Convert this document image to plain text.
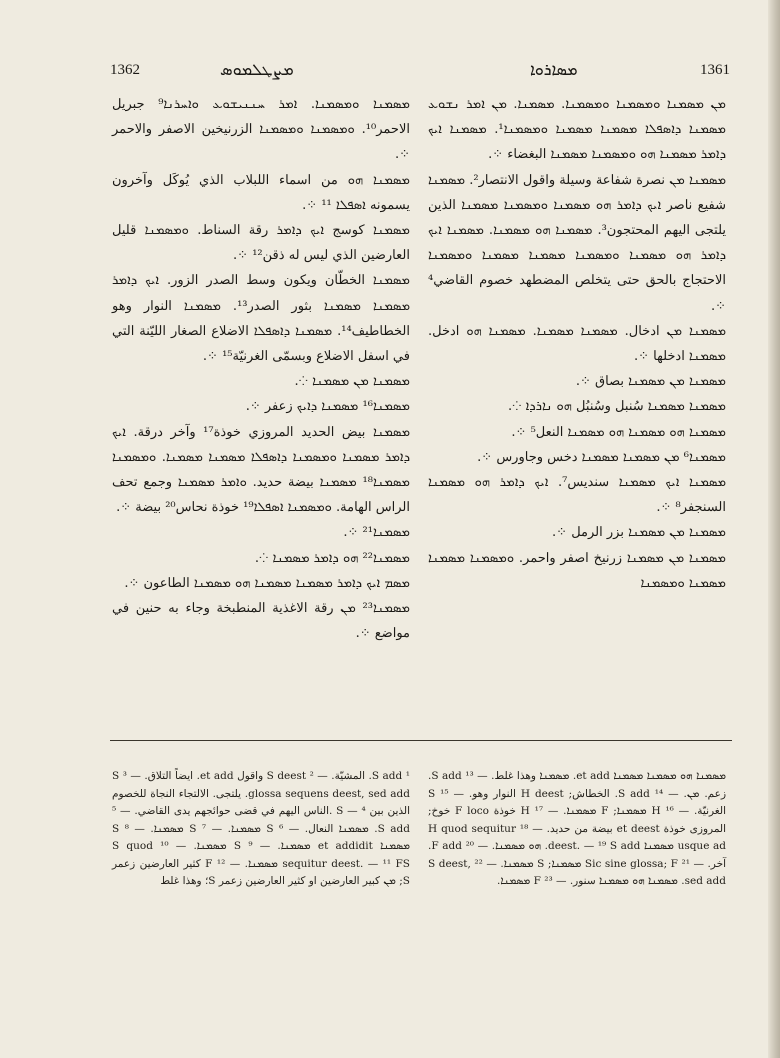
1362	ܡܨܛܠܡܘܣ	ܡܣܐܪܘܐ	1361

ܡܣܡܢܐ ܘܡܣܡܢܐ. ܐܡܪ ܚܢܢܝܫܘܥ ܘܐܚܪܢܐ⁹ جبريل الاحمر¹⁰. ܘܡܣܡܢܐ ܘܡܣܡܢܐ الزرنيخين الاصفر والاحمر ⁘.

ܡܣܡܢܐ ܗܘ من اسماء اللبلاب الذي يُوكَل وآخرون يسمونه ܐܣܦܠܐ ¹¹ ⁘.

ܡܣܡܢܐ كوسج ܐܝܟ ܕܐܡܪ رقة السناط. ܘܡܣܡܢܐ قليل العارضين الذي ليس له ذقن¹² ⁘.

ܡܣܡܢܐ الخطّان ويكون وسط الصدر الزور. ܐܝܟ ܕܐܡܪ ܡܣܡܢܐ ܡܣܡܢܐ بثور الصدر¹³. ܡܣܡܢܐ النوار وهو الخطاطيف¹⁴. ܡܣܡܢܐ ܕܐܣܦܠܐ الاضلاع الصغار الليّنة التي في اسفل الاضلاع وبسمّى الغرنيّة¹⁵ ⁘.

ܡܣܡܢܐ ܡܢ ܡܣܡܢܐ ⁘.

ܡܣܡܢܐ¹⁶ ܡܣܡܢܐ ܕܐܝܟ زعفر ⁘.

ܡܣܡܢܐ بيض الحديد المروزي خوذة¹⁷ وآخر درقة. ܐܝܟ ܕܐܡܪ ܡܣܡܢܐ ܘܡܣܡܢܐ ܕܐܣܦܠܐ ܡܣܡܢܐ ܡܣܡܢܐ. ܘܡܣܡܢܐ ܡܣܡܢܐ¹⁸ ܡܣܡܢܐ بيضة حديد. ܘܐܡܪ ܡܣܡܢܐ وجمع تحف الراس الهامة. ܘܡܣܡܢܐ ܐܣܦܠܐ¹⁹ خوذة نحاس²⁰ بيضة ⁘.

ܡܣܡܢܐ²¹ ⁘.

ܡܣܡܢܐ²² ܗܘ ܕܐܡܪ ܡܣܡܢܐ ⁘.

ܡܣܡ ܐܝܟ ܕܐܡܪ ܡܣܡܢܐ ܡܣܡܢܐ ܗܘ ܡܣܡܢܐ الطاعون ⁘.

ܡܣܡܢܐ²³ ܡܢ رقة الاغذية المنطبخة وجاء به حنين في مواضع ⁘.

ܡܢ ܡܣܡܢܐ ܘܡܣܡܢܐ ܘܡܣܡܢܐ. ܡܣܡܢܐ. ܡܢ ܐܡܪ ܢܫܘܥ ܡܣܡܢܐ ܕܐܣܦܠܐ ܡܣܡܢܐ ܡܣܡܢܐ ܘܡܣܡܢܐ¹. ܡܣܡܢܐ ܐܝܟ ܕܐܡܪ ܡܣܡܢܐ ܗܘ ܘܡܣܡܢܐ ܡܣܡܢܐ البغضاء ⁘.

ܡܣܡܢܐ ܡܢ نصرة شفاعة وسيلة واقول الانتصار². ܡܣܡܢܐ شفيع ناصر ܐܝܟ ܕܐܡܪ ܗܘ ܡܣܡܢܐ ܘܡܣܡܢܐ ܡܣܡܢܐ الذين يلتجى اليهم المحتجون³. ܡܣܡܢܐ ܗܘ ܡܣܡܢܐ. ܡܣܡܢܐ ܐܝܟ ܕܐܡܪ ܗܘ ܡܣܡܢܐ ܘܡܣܡܢܐ ܡܣܡܢܐ ܡܣܡܢܐ ܘܡܣܡܢܐ الاحتجاج بالحق حتى يتخلص المضطهد خصوم القاضي⁴ ⁘.

ܡܣܡܢܐ ܡܢ ادخال. ܡܣܡܢܐ ܡܣܡܢܐ. ܡܣܡܢܐ ܗܘ ادخل. ܡܣܡܢܐ ادخلها ⁘.

ܡܣܡܢܐ ܡܢ ܡܣܡܢܐ بصاق ⁘.

ܡܣܡܢܐ ܡܣܡܢܐ سُنبل وسُنبُل ܗܘ ܢܐܪܕܐ ⁘.

ܡܣܡܢܐ ܗܘ ܡܣܡܢܐ ܗܘ ܡܣܡܢܐ النعل⁵ ⁘.

ܡܣܡܢܐ⁶ ܡܢ ܡܣܡܢܐ ܡܣܡܢܐ دخس وجاورس ⁘.

ܡܣܡܢܐ ܐܝܟ ܡܣܡܢܐ سنديس⁷. ܐܝܟ ܕܐܡܪ ܗܘ ܡܣܡܢܐ السنجفر⁸ ⁘.

ܡܣܡܢܐ ܡܢ ܡܣܡܢܐ بزر الرمل ⁘.

ܡܣܡܢܐ ܡܢ ܡܣܡܢܐ زرنيخ اصفر واحمر. ܘܡܣܡܢܐ ܡܣܡܢܐ ܡܣܡܢܐ ܘܡܣܡܢܐ

¹ S add. المشيّة. — ² S deest واقول et add. ايضاً التلاق. — ³ S glossa sequens deest, sed add. يلتجى. الالتجاء النجاة للخصوم الذين بين S — ⁴ .الناس اليهم في قضى حوائجهم يدى القاضي. — ⁵ S add. ܡܣܡܢܐ النعال. — ⁶ S ܡܣܡܢܐ. — ⁷ S ܡܣܡܢܐ. — ⁸ S ܡܣܡܢܐ et addidit ܡܣܡܢܐ. — ⁹ S ܡܣܡܢܐ. — ¹⁰ S quod sequitur deest. — ¹¹ FS ܡܣܡܢܐ. — ¹² F كثير العارضين زعمر S; ܡܢ كبير العارضين او كثير العارضين زعمر S؛ وهذا غلط
ܡܣܡܢܐ ܗܘ ܡܣܡܢܐ ܡܣܡܢܐ et add. ܡܣܡܢܐ وهذا غلط. — ¹³ S add. زعم. ܡܢ. — ¹⁴ S add. الخطاش; H deest النوار وهو. — ¹⁵ S الغرنيّة. — ¹⁶ H ܡܣܡܢܐ; F ܡܣܡܢܐ. — ¹⁷ H خوذة F loco خوخ; المروزى خوذة et deest بيضة من حديد. — ¹⁸ H quod sequitur usque ad ܡܣܡܢܐ deest. — ¹⁹ S add. ܗܘ ܡܣܡܢܐ. — ²⁰ F add. آخر. — ²¹ Sic sine glossa; F ܡܣܡܢܐ; S ܡܣܡܢܐ. — ²² S deest, sed add. ܡܣܡܢܐ ܗܘ ܡܣܡܢܐ سنور. — ²³ F ܡܣܡܢܐ.
